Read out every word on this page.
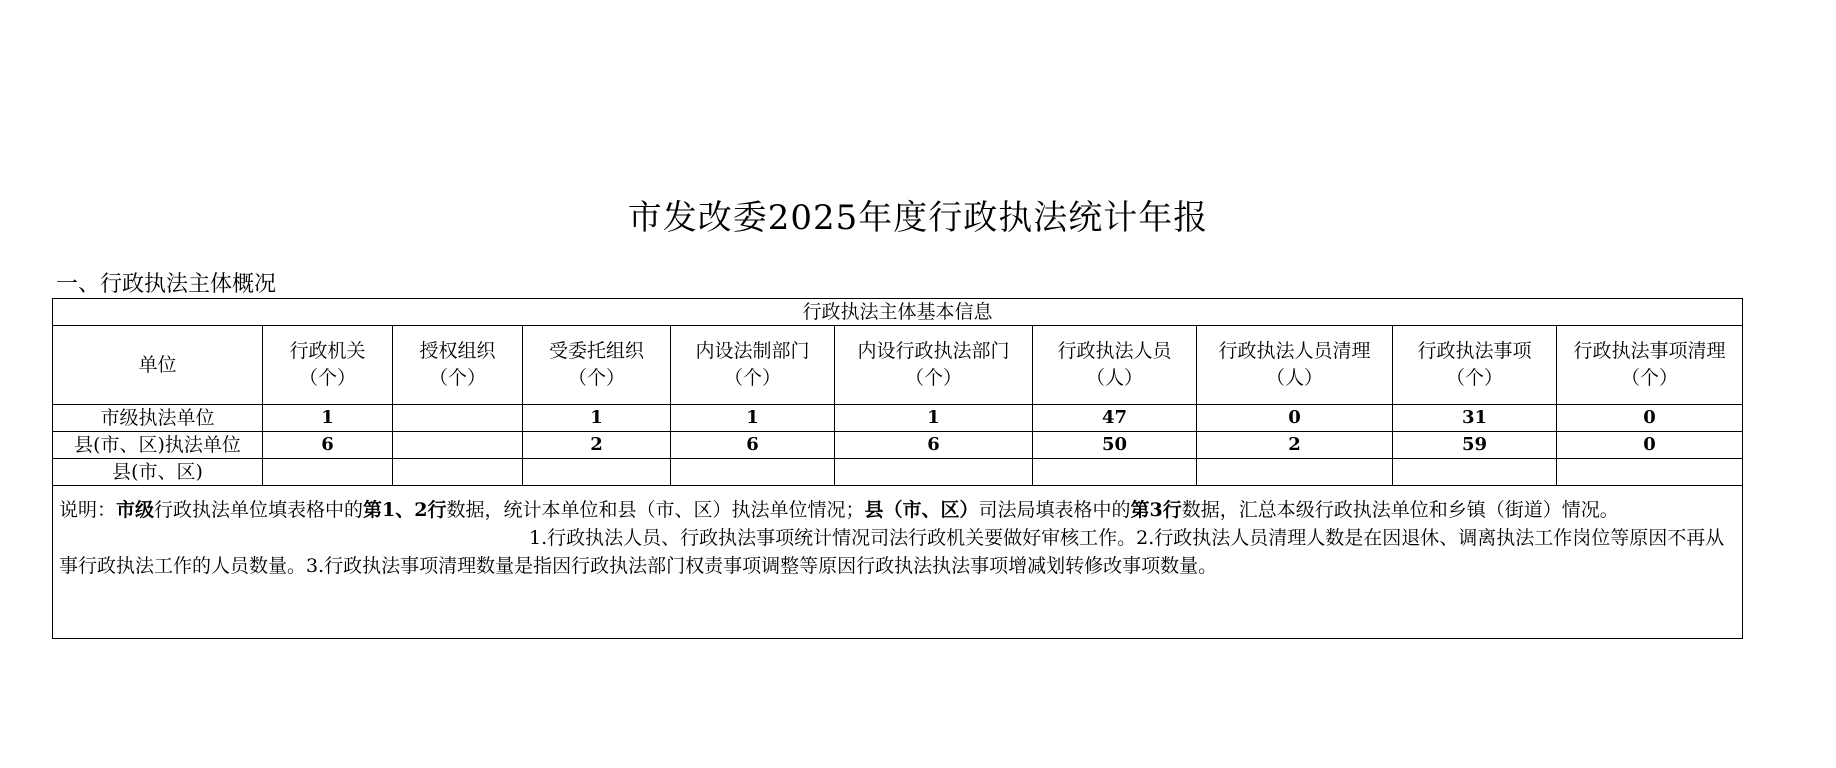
市发改委2025年度行政执法统计年报
一、行政执法主体概况
行政执法主体基本信息									
单位	行政机关（个）	授权组织（个）	受委托组织（个）	内设法制部门（个）	内设行政执法部门（个）	行政执法人员（人）	行政执法人员清理（人）	行政执法事项（个）	行政执法事项清理（个）
市级执法单位	1		1	1	1	47	0	31	0
县(市、区)执法单位	6		2	6	6	50	2	59	0
县(市、区)									

说明：市级行政执法单位填表格中的第1、2行数据，统计本单位和县（市、区）执法单位情况；县（市、区）司法局填表格中的第3行数据，汇总本级行政执法单位和乡镇（街道）情况。1.行政执法人员、行政执法事项统计情况司法行政机关要做好审核工作。2.行政执法人员清理人数是在因退休、调离执法工作岗位等原因不再从事行政执法工作的人员数量。3.行政执法事项清理数量是指因行政执法部门权责事项调整等原因行政执法执法事项增减划转修改事项数量。									
